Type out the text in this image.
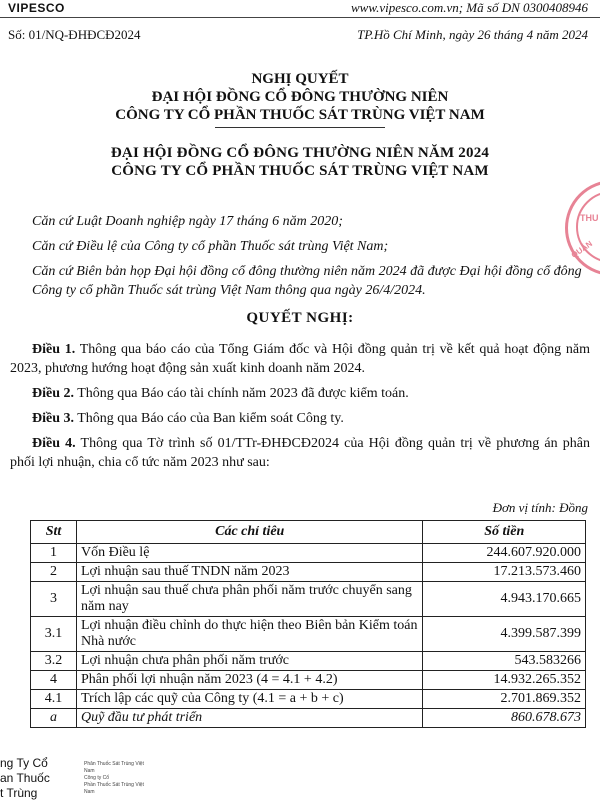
VIPESCO	www.vipesco.com.vn; Mã số DN 0300408946
Số: 01/NQ-ĐHĐCĐ2024	TP.Hồ Chí Minh, ngày 26 tháng 4 năm 2024
NGHỊ QUYẾT
ĐẠI HỘI ĐỒNG CỔ ĐÔNG THƯỜNG NIÊN
CÔNG TY CỔ PHẦN THUỐC SÁT TRÙNG VIỆT NAM
ĐẠI HỘI ĐỒNG CỔ ĐÔNG THƯỜNG NIÊN NĂM 2024
CÔNG TY CỔ PHẦN THUỐC SÁT TRÙNG VIỆT NAM
THU
QUẬN

Căn cứ Luật Doanh nghiệp ngày 17 tháng 6 năm 2020;

Căn cứ Điều lệ của Công ty cổ phần Thuốc sát trùng Việt Nam;

Căn cứ Biên bản họp Đại hội đồng cổ đông thường niên năm 2024 đã được Đại hội đồng cổ đông Công ty cổ phần Thuốc sát trùng Việt Nam thông qua ngày 26/4/2024.

QUYẾT NGHỊ:

Điều 1. Thông qua báo cáo của Tổng Giám đốc và Hội đồng quản trị về kết quả hoạt động năm 2023, phương hướng hoạt động sản xuất kinh doanh năm 2024.

Điều 2. Thông qua Báo cáo tài chính năm 2023 đã được kiểm toán.

Điều 3. Thông qua Báo cáo của Ban kiểm soát Công ty.

Điều 4. Thông qua Tờ trình số 01/TTr-ĐHĐCĐ2024 của Hội đồng quản trị về phương án phân phối lợi nhuận, chia cổ tức năm 2023 như sau:

Đơn vị tính: Đồng
Stt	Các chỉ tiêu	Số tiền
1	Vốn Điều lệ	244.607.920.000
2	Lợi nhuận sau thuế TNDN năm 2023	17.213.573.460
3	Lợi nhuận sau thuế chưa phân phối năm trước chuyển sang năm nay	4.943.170.665
3.1	Lợi nhuận điều chỉnh do thực hiện theo Biên bản Kiểm toán Nhà nước	4.399.587.399
3.2	Lợi nhuận chưa phân phối năm trước	543.583266
4	Phân phối lợi nhuận năm 2023 (4 = 4.1 + 4.2)	14.932.265.352
4.1	Trích lập các quỹ của Công ty (4.1 = a + b + c)	2.701.869.352
a	Quỹ đầu tư phát triển	860.678.673
ng Ty Cổ
an Thuốc
t Trùng
Phân Thuốc Sát Trùng Việt Nam
Công ty Cổ
Phần Thuốc Sát Trùng Việt Nam
